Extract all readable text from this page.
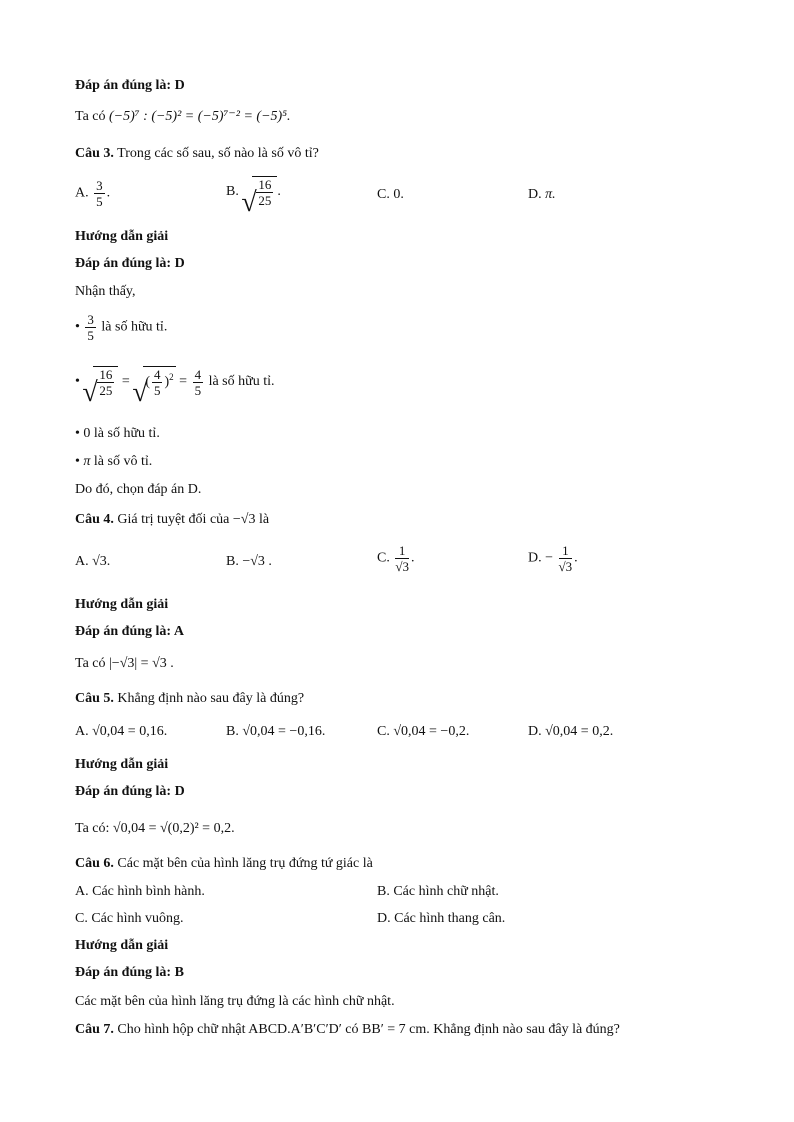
Đáp án đúng là: D
Ta có (−5)⁷ : (−5)² = (−5)⁷⁻² = (−5)⁵.
Câu 3. Trong các số sau, số nào là số vô tỉ?
A. $\frac{3}{5}$ .	B. √ $\frac{16}{25}$ .	C. 0.	D. π.
Hướng dẫn giải
Đáp án đúng là: D
Nhận thấy,
• $\frac{3}{5}$ là số hữu tỉ.
• √ $\frac{16}{25}$ = √ ( $\frac{4}{5} )^2 = \frac{4}{5}$ là số hữu tỉ.
• 0 là số hữu tỉ.
• π là số vô tỉ.
Do đó, chọn đáp án D.
Câu 4. Giá trị tuyệt đối của −√3 là
A. √3.	B. −√3 .	C. $\frac{1}{√3}$ .	D. − $\frac{1}{√3}$ .
Hướng dẫn giải
Đáp án đúng là: A
Ta có |−√3| = √3 .
Câu 5. Khẳng định nào sau đây là đúng?
A. √0,04 = 0,16.	B. √0,04 = −0,16.	C. √0,04 = −0,2.	D. √0,04 = 0,2.
Hướng dẫn giải
Đáp án đúng là: D
Ta có: √0,04 = √(0,2)² = 0,2.
Câu 6. Các mặt bên của hình lăng trụ đứng tứ giác là
A. Các hình bình hành.	B. Các hình chữ nhật.
C. Các hình vuông.	D. Các hình thang cân.
Hướng dẫn giải
Đáp án đúng là: B
Các mặt bên của hình lăng trụ đứng là các hình chữ nhật.
Câu 7. Cho hình hộp chữ nhật ABCD.A′B′C′D′ có BB′ = 7 cm. Khẳng định nào sau đây là đúng?
